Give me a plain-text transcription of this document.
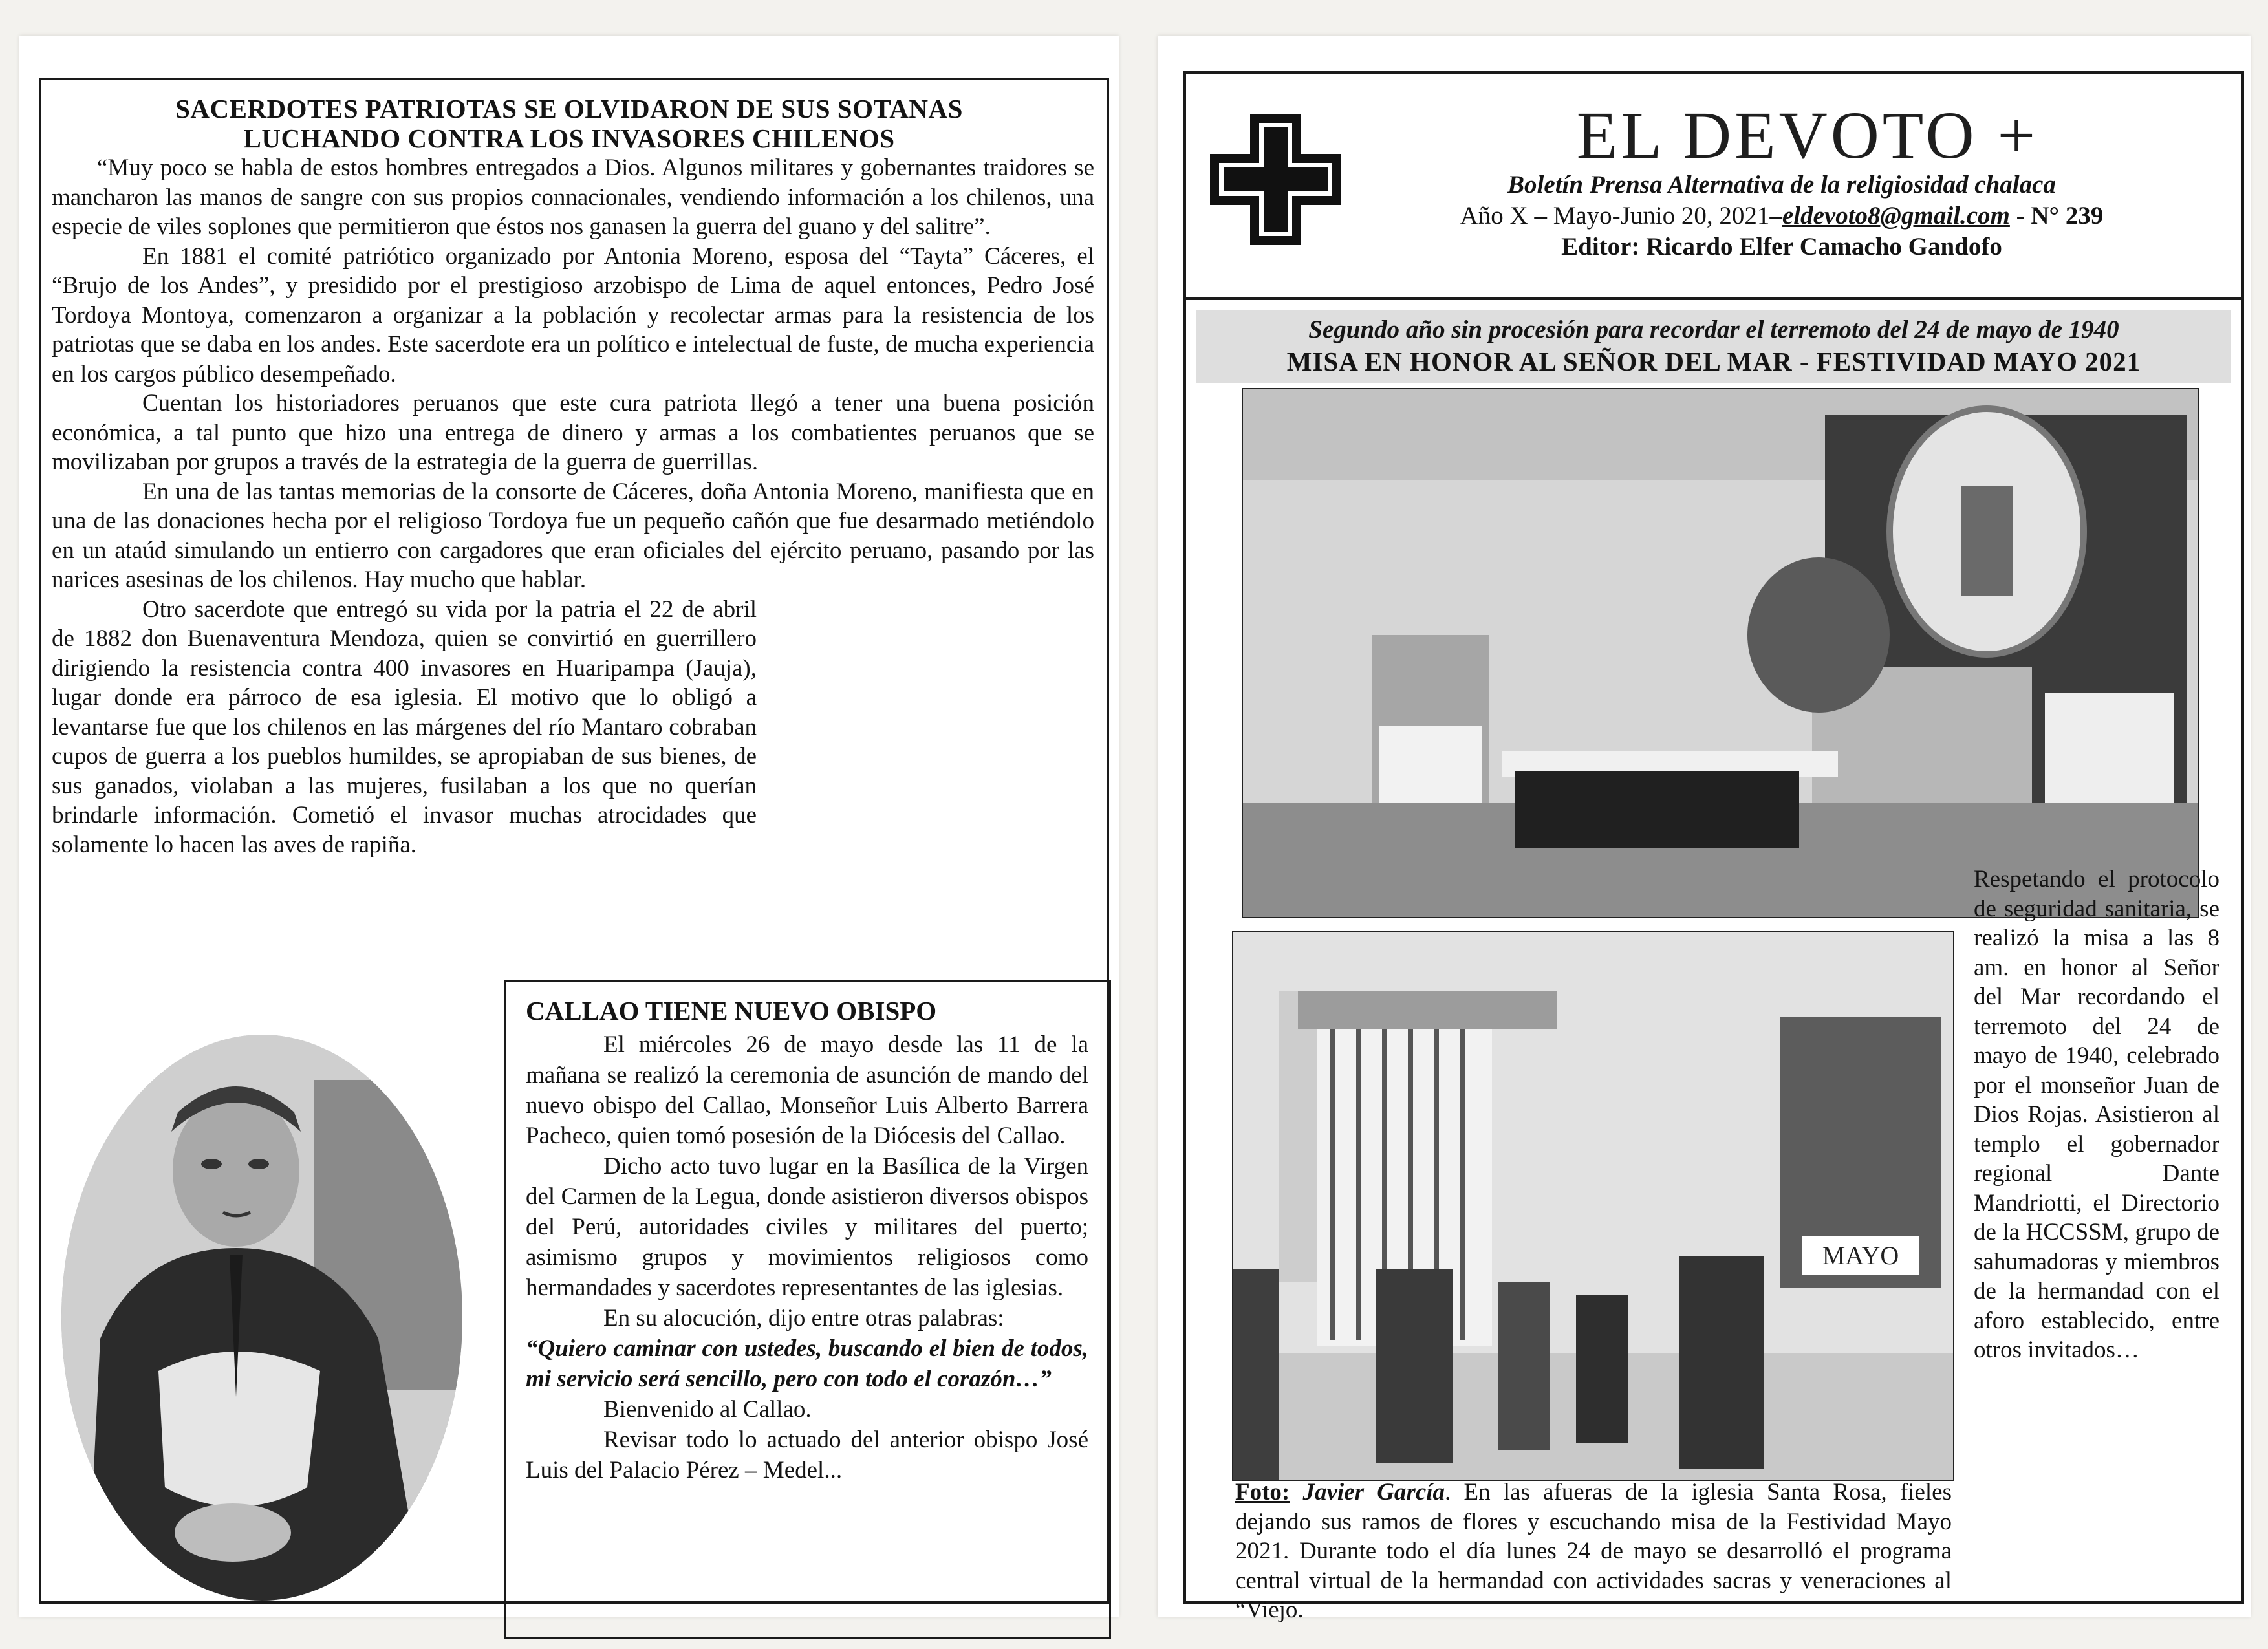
SACERDOTES PATRIOTAS SE OLVIDARON DE SUS SOTANAS
LUCHANDO CONTRA LOS INVASORES CHILENOS

“Muy poco se habla de estos hombres entregados a Dios. Algunos militares y gobernantes traidores se mancharon las manos de sangre con sus propios connacionales, vendiendo información a los chilenos, una especie de viles soplones que permitieron que éstos nos ganasen la guerra del guano y del salitre”.

En 1881 el comité patriótico organizado por Antonia Moreno, esposa del “Tayta” Cáceres, el “Brujo de los Andes”, y presidido por el prestigioso arzobispo de Lima de aquel entonces, Pedro José Tordoya Montoya, comenzaron a organizar a la población y recolectar armas para la resistencia de los patriotas que se daba en los andes. Este sacerdote era un político e intelectual de fuste, de mucha experiencia en los cargos público desempeñado.

Cuentan los historiadores peruanos que este cura patriota llegó a tener una buena posición económica, a tal punto que hizo una entrega de dinero y armas a los combatientes peruanos que se movilizaban por grupos a través de la estrategia de la guerra de guerrillas.

En una de las tantas memorias de la consorte de Cáceres, doña Antonia Moreno, manifiesta que en una de las donaciones hecha por el religioso Tordoya fue un pequeño cañón que fue desarmado metiéndolo en un ataúd simulando un entierro con cargadores que eran oficiales del ejército peruano, pasando por las narices asesinas de los chilenos. Hay mucho que hablar.

Otro sacerdote que entregó su vida por la patria el 22 de abril de 1882 don Buenaventura Mendoza, quien se convirtió en guerrillero dirigiendo la resistencia contra 400 invasores en Huaripampa (Jauja), lugar donde era párroco de esa iglesia. El motivo que lo obligó a levantarse fue que los chilenos en las márgenes del río Mantaro cobraban cupos de guerra a los pueblos humildes, se apropiaban de sus bienes, de sus ganados, violaban a las mujeres, fusilaban a los que no querían brindarle información. Cometió el invasor muchas atrocidades que solamente lo hacen las aves de rapiña.

CALLAO TIENE NUEVO OBISPO

El miércoles 26 de mayo desde las 11 de la mañana se realizó la ceremonia de asunción de mando del nuevo obispo del Callao, Monseñor Luis Alberto Barrera Pacheco, quien tomó posesión de la Diócesis del Callao.

Dicho acto tuvo lugar en la Basílica de la Virgen del Carmen de la Legua, donde asistieron diversos obispos del Perú, autoridades civiles y militares del puerto; asimismo grupos y movimientos religiosos como hermandades y sacerdotes representantes de las iglesias.

En su alocución, dijo entre otras palabras:

“Quiero caminar con ustedes, buscando el bien de todos, mi servicio será sencillo, pero con todo el corazón…”

Bienvenido al Callao.

Revisar todo lo actuado del anterior obispo José Luis del Palacio Pérez – Medel...

EL DEVOTO +
Boletín Prensa Alternativa de la religiosidad chalaca
Año X – Mayo-Junio 20, 2021–eldevoto8@gmail.com - N° 239
Editor: Ricardo Elfer Camacho Gandofo
Segundo año sin procesión para recordar el terremoto del 24 de mayo de 1940
MISA EN HONOR AL SEÑOR DEL MAR - FESTIVIDAD MAYO 2021
MAYO
Respetando el protocolo de seguridad sanitaria, se realizó la misa a las 8 am. en honor al Señor del Mar recordando el terremoto del 24 de mayo de 1940, celebrado por el monseñor Juan de Dios Rojas. Asistieron al templo el gobernador regional Dante Mandriotti, el Directorio de la HCCSSM, grupo de sahumadoras y miembros de la hermandad con el aforo establecido, entre otros invitados…
Foto: Javier García. En las afueras de la iglesia Santa Rosa, fieles dejando sus ramos de flores y escuchando misa de la Festividad Mayo 2021. Durante todo el día lunes 24 de mayo se desarrolló el programa central virtual de la hermandad con actividades sacras y veneraciones al “Viejo.
